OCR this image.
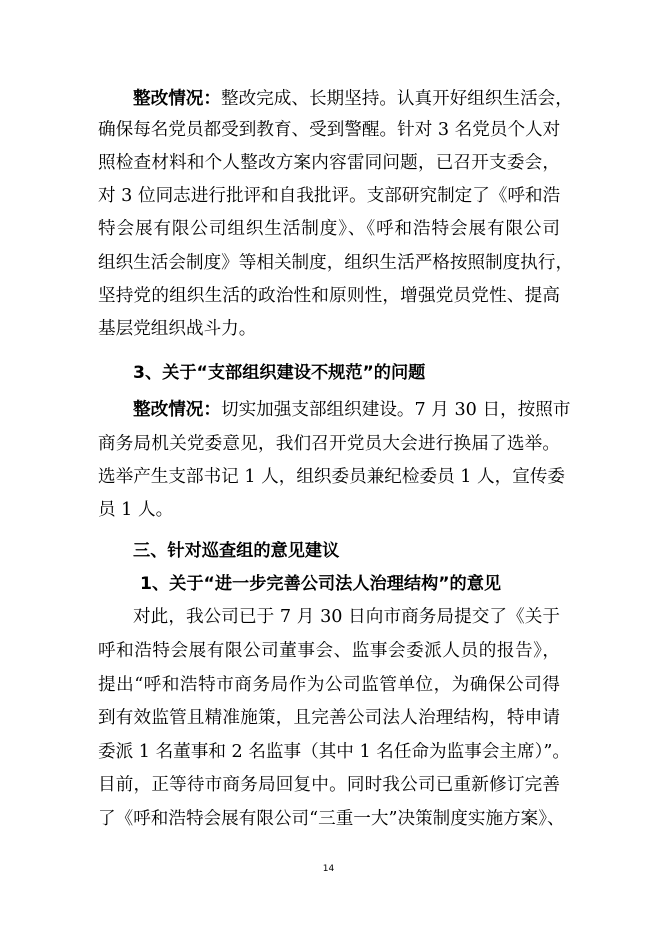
整改情况：整改完成、长期坚持。认真开好组织生活会，
确保每名党员都受到教育、受到警醒。针对 3 名党员个人对
照检查材料和个人整改方案内容雷同问题，已召开支委会，
对 3 位同志进行批评和自我批评。支部研究制定了《呼和浩
特会展有限公司组织生活制度》、《呼和浩特会展有限公司
组织生活会制度》等相关制度，组织生活严格按照制度执行，
坚持党的组织生活的政治性和原则性，增强党员党性、提高
基层党组织战斗力。
3、关于“支部组织建设不规范”的问题
整改情况：切实加强支部组织建设。7 月 30 日，按照市
商务局机关党委意见，我们召开党员大会进行换届了选举。
选举产生支部书记 1 人，组织委员兼纪检委员 1 人，宣传委
员 1 人。
三、针对巡查组的意见建议
1、关于“进一步完善公司法人治理结构”的意见
对此，我公司已于 7 月 30 日向市商务局提交了《关于
呼和浩特会展有限公司董事会、监事会委派人员的报告》，
提出“呼和浩特市商务局作为公司监管单位，为确保公司得
到有效监管且精准施策，且完善公司法人治理结构，特申请
委派 1 名董事和 2 名监事（其中 1 名任命为监事会主席）”。
目前，正等待市商务局回复中。同时我公司已重新修订完善
了《呼和浩特会展有限公司“三重一大”决策制度实施方案》、
14
